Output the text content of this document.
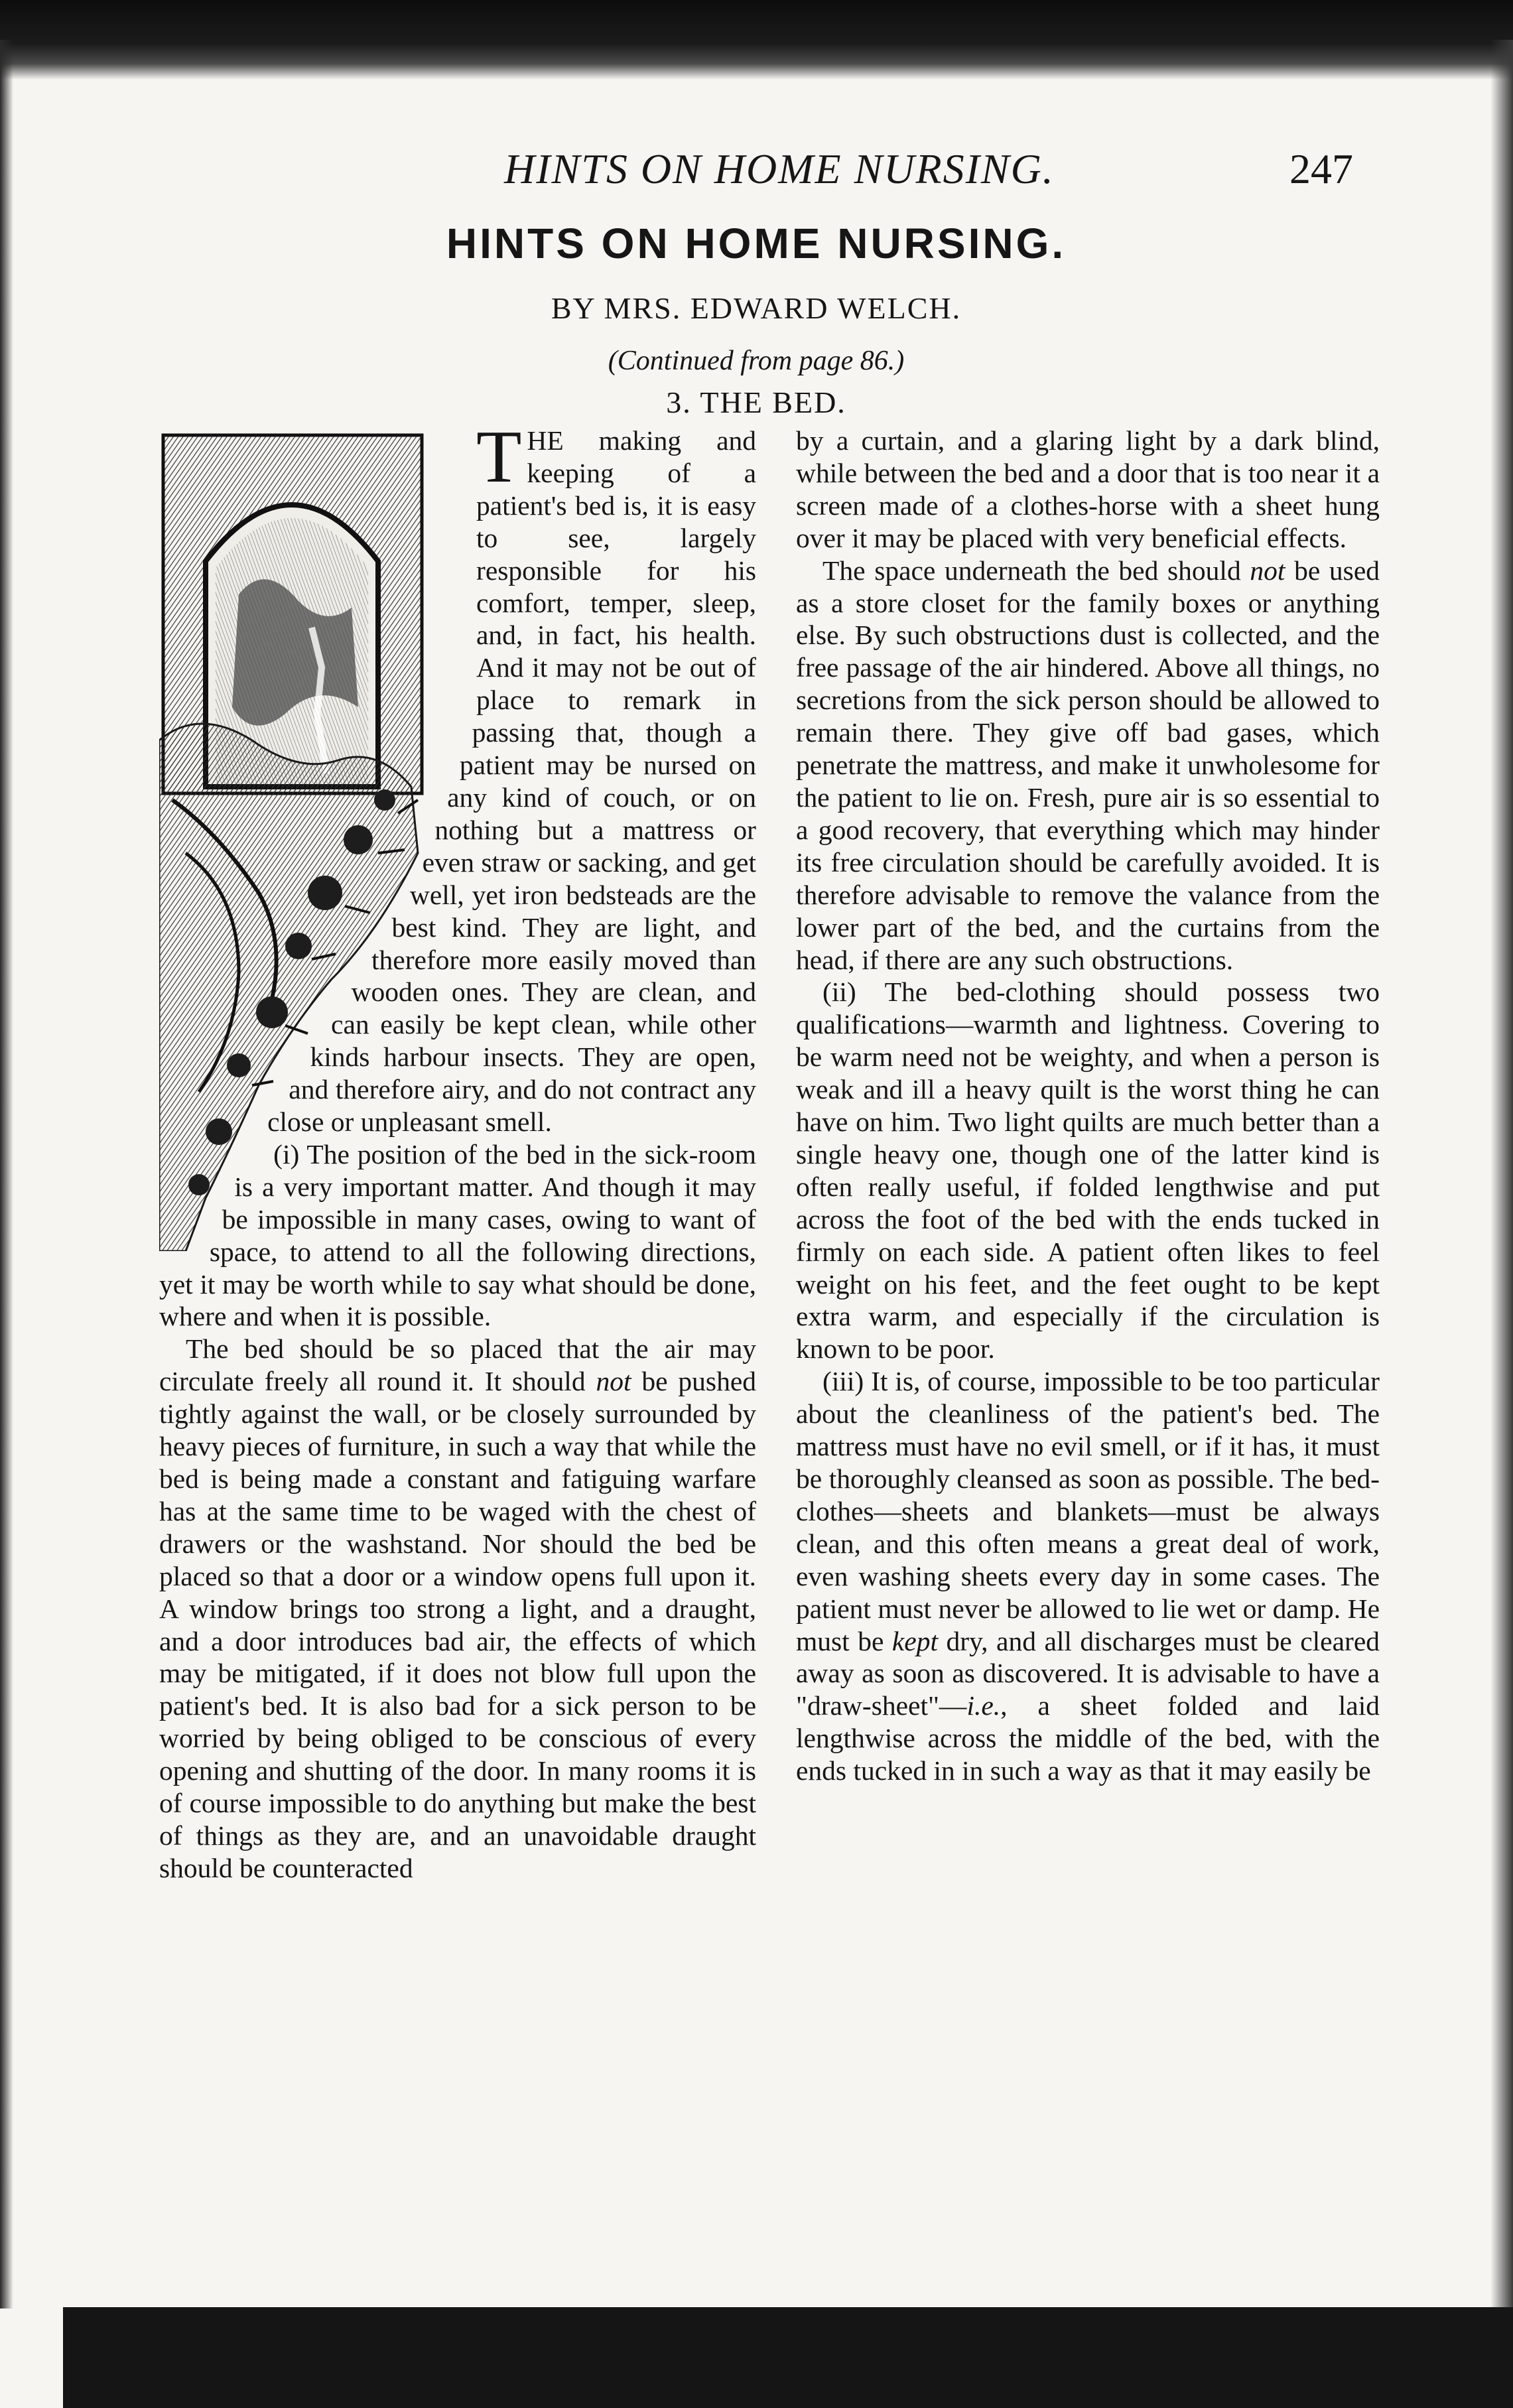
HINTS ON HOME NURSING.	247
HINTS ON HOME NURSING.
BY MRS. EDWARD WELCH.
(Continued from page 86.)
3. THE BED.
T HE making and keeping of a patient's bed is, it is easy to see, largely responsible for his comfort, temper, sleep, and, in fact, his health. And it may not be out of place to remark in passing that, though a patient may be nursed on any kind of couch, or on nothing but a mattress or even straw or sacking, and get well, yet iron bedsteads are the best kind. They are light, and therefore more easily moved than wooden ones. They are clean, and can easily be kept clean, while other kinds harbour insects. They are open, and therefore airy, and do not contract any close or unpleasant smell.

(i) The position of the bed in the sick-room is a very important matter. And though it may be impossible in many cases, owing to want of space, to attend to all the following directions, yet it may be worth while to say what should be done, where and when it is possible.

The bed should be so placed that the air may circulate freely all round it. It should not be pushed tightly against the wall, or be closely surrounded by heavy pieces of furniture, in such a way that while the bed is being made a constant and fatiguing warfare has at the same time to be waged with the chest of drawers or the washstand. Nor should the bed be placed so that a door or a window opens full upon it. A window brings too strong a light, and a draught, and a door introduces bad air, the effects of which may be mitigated, if it does not blow full upon the patient's bed. It is also bad for a sick person to be worried by being obliged to be conscious of every opening and shutting of the door. In many rooms it is of course impossible to do anything but make the best of things as they are, and an unavoidable draught should be counteracted

by a curtain, and a glaring light by a dark blind, while between the bed and a door that is too near it a screen made of a clothes-horse with a sheet hung over it may be placed with very beneficial effects.

The space underneath the bed should not be used as a store closet for the family boxes or anything else. By such obstructions dust is collected, and the free passage of the air hindered. Above all things, no secretions from the sick person should be allowed to remain there. They give off bad gases, which penetrate the mattress, and make it unwholesome for the patient to lie on. Fresh, pure air is so essential to a good recovery, that everything which may hinder its free circulation should be carefully avoided. It is therefore advisable to remove the valance from the lower part of the bed, and the curtains from the head, if there are any such obstructions.

(ii) The bed-clothing should possess two qualifications—warmth and lightness. Covering to be warm need not be weighty, and when a person is weak and ill a heavy quilt is the worst thing he can have on him. Two light quilts are much better than a single heavy one, though one of the latter kind is often really useful, if folded lengthwise and put across the foot of the bed with the ends tucked in firmly on each side. A patient often likes to feel weight on his feet, and the feet ought to be kept extra warm, and especially if the circulation is known to be poor.

(iii) It is, of course, impossible to be too particular about the cleanliness of the patient's bed. The mattress must have no evil smell, or if it has, it must be thoroughly cleansed as soon as possible. The bed-clothes—sheets and blankets—must be always clean, and this often means a great deal of work, even washing sheets every day in some cases. The patient must never be allowed to lie wet or damp. He must be kept dry, and all discharges must be cleared away as soon as discovered. It is advisable to have a "draw-sheet"—i.e., a sheet folded and laid lengthwise across the middle of the bed, with the ends tucked in in such a way as that it may easily be
